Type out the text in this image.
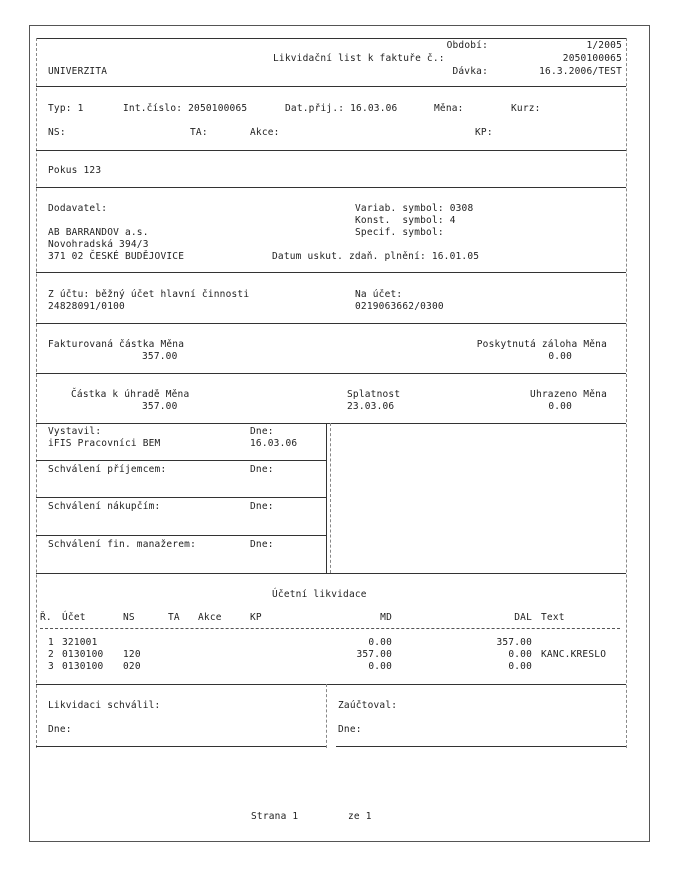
Období:	1/2005
Likvidační list k faktuře č.:	2050100065
UNIVERZITA	Dávka:	16.3.2006/TEST
Typ: 1	Int.číslo: 2050100065	Dat.přij.: 16.03.06	Měna:	Kurz:
NS:	TA:	Akce:	KP:
Pokus 123
Dodavatel:	Variab. symbol: 0308
Konst.  symbol: 4
AB BARRANDOV a.s.	Specif. symbol:
Novohradská 394/3
371 02 ČESKÉ BUDĚJOVICE	Datum uskut. zdaň. plnění: 16.01.05
Z účtu: běžný účet hlavní činnosti	Na účet:
24828091/0100	0219063662/0300
Fakturovaná částka Měna
357.00
Poskytnutá záloha Měna
0.00
Částka k úhradě Měna
357.00
Splatnost
23.03.06
Uhrazeno Měna
0.00
Vystavil:	Dne:
iFIS Pracovníci BEM	16.03.06
Schválení příjemcem:	Dne:
Schválení nákupčím:	Dne:
Schválení fin. manažerem:	Dne:
Účetní likvidace
Ř. Účet	NS	TA Akce	KP	MD	DAL Text
1 321001	0.00	357.00
2 0130100 120	357.00	0.00 KANC.KRESLO
3 0130100 020	0.00	0.00
Likvidaci schválil:	Zaúčtoval:
Dne:	Dne:
Strana 1	ze 1
